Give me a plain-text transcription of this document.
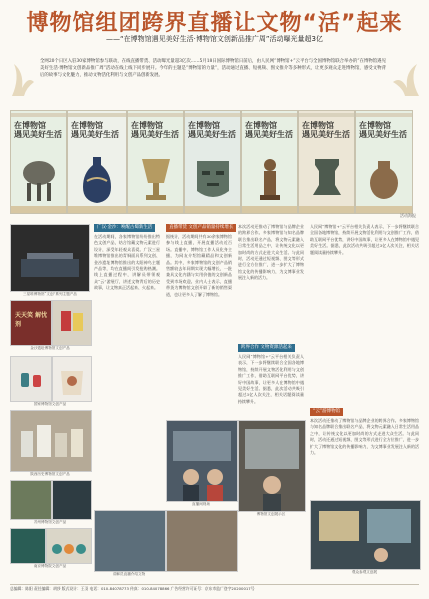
博物馆组团跨界直播让文物“活”起来
——“在博物馆遇见美好生活·博物馆文创新品推广周”活动曝光量超3亿
全网20个日区入驻30家博物馆参与联动，在线直播带货、活动曝光量超3亿次……5月18日国际博物馆日前后，由人民网“博物馆+”云平台与全国博物馆联合举办的“在博物馆遇见美好生活·博物馆文创新品推广周”活动在线上线下同步展开。今年的主题是“博物馆的力量”，活动通过直播、短视频、图文推介等多种形式，让更多观众走进博物馆，感受文物背后的故事与文化魅力，推动文物活化利用与文创产品创新发展。
在博物馆
遇见美好生活
在博物馆
遇见美好生活
在博物馆
遇见美好生活
在博物馆
遇见美好生活
在博物馆
遇见美好生活
在博物馆
遇见美好生活
在博物馆
遇见美好生活
活动海报
三星堆博物馆“文创”系列主题产品
天天笑 解忧剂
金沙遗址博物馆文创产品
国家博物馆文创产品
陕西历史博物馆文创产品
苏州博物馆文创产品
南京博物院文创产品
广汉·金沙：唤醒古蜀新生活
在活动期间，各家博物馆纷纷推出特色文创产品，结合馆藏文物元素进行设计，深受年轻观众喜爱。广汉三星堆博物馆推出的青铜面具系列文创、金沙遗址博物馆推出的太阳神鸟主题产品等，均在直播间引发抢购热潮。线上直播过程中，讲解员带领观众“云”游展厅，讲述文物背后的历史故事，让文物真正活起来、火起来。
直播带货 文创产品销量持续增长
据统计，活动期间共有30余家博物馆参与线上直播，开展直播活动近百场。直播中，博物馆工作人员化身主播，为网友介绍馆藏精品和文创新品。其中，多家博物馆的文创产品销售额较去年同期实现大幅增长，一批兼具文化内涵与实用价值的文创新品受到市场欢迎。业内人士表示，直播带货为博物馆文创开辟了新的销售渠道，也让更多人了解了博物馆。
本次活动还推动了博物馆与品牌企业的跨界合作。多家博物馆与知名品牌联合推出联名产品，将文物元素融入日常生活用品之中，让传统文化以更加时尚的方式走进大众生活。与此同时，活动还通过短视频、图文等形式进行全方位推广，进一步扩大了博物馆文化的传播影响力，为文博事业发展注入新的活力。
跨界合作 文物资源活起来
人民网“博物馆+”云平台相关负责人表示，下一步将继续联合全国各地博物馆，持续开展文物活化利用与文创推广工作，借助互联网平台优势，讲好中国故事，让更多人在博物馆中遇见美好生活。据悉，此次活动共吸引超过3亿人次关注，相关话题阅读量持续攀升。
人民网“博物馆+”云平台相关负责人表示，下一步将继续联合全国各地博物馆，持续开展文物活化利用与文创推广工作，借助互联网平台优势，讲好中国故事，让更多人在博物馆中遇见美好生活。据悉，此次活动共吸引超过3亿人次关注，相关话题阅读量持续攀升。
“云”游博物馆
本次活动还推动了博物馆与品牌企业的跨界合作。多家博物馆与知名品牌联合推出联名产品，将文物元素融入日常生活用品之中，让传统文化以更加时尚的方式走进大众生活。与此同时，活动还通过短视频、图文等形式进行全方位推广，进一步扩大了博物馆文化的传播影响力，为文博事业发展注入新的活力。
直播间现场
讲解员直播介绍文物
博物馆文创展示区
观众参观文创展
总编辑：陈阳 责任编辑：胡莎 版式设计：王羽 电话：010-84078773 传真：010-84078866 广告经营许可证号：京东市监广登字20200017号
